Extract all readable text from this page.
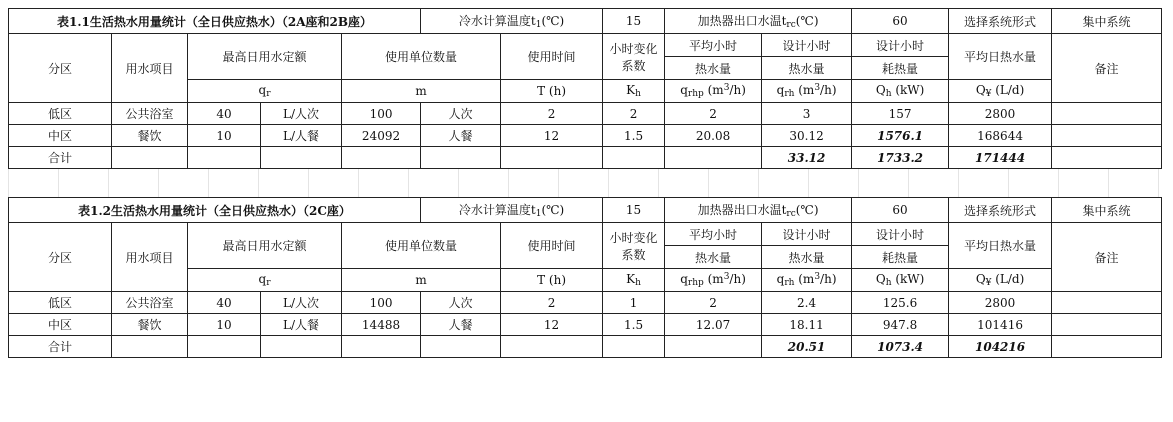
表1.1生活热水用量统计（全日供应热水）（2A座和2B座）					冷水计算温度$t_1(℃)$		15	加热器出口水温$t_{rc}(℃)$		60	选择系统形式	集中系统
分区	用水项目	最高日用水定额		使用单位数量		使用时间	小时变化
系数	平均小时	设计小时	设计小时	平均日热水量	备注
								热水量	热水量	耗热量		
		$q_r$		m		T (h)	$K_h$	$q_{rhp}$ $(m^3/h)$	$q_{rh}$ $(m^3/h)$	$Q_h$ (kW)	$Q_¥$ (L/d)	
低区	公共浴室	40	L/人次	100	人次	2	2	2	3	157	2800	
中区	餐饮	10	L/人餐	24092	人餐	12	1.5	20.08	30.12	1576.1	168644	
合计									33.12	1733.2	171444	
表1.2生活热水用量统计（全日供应热水）（2C座）					冷水计算温度$t_1(℃)$		15	加热器出口水温$t_{rc}(℃)$		60	选择系统形式	集中系统
分区	用水项目	最高日用水定额		使用单位数量		使用时间	小时变化
系数	平均小时	设计小时	设计小时	平均日热水量	备注
								热水量	热水量	耗热量		
		$q_r$		m		T (h)	$K_h$	$q_{rhp}$ $(m^3/h)$	$q_{rh}$ $(m^3/h)$	$Q_h$ (kW)	$Q_¥$ (L/d)	
低区	公共浴室	40	L/人次	100	人次	2	1	2	2.4	125.6	2800	
中区	餐饮	10	L/人餐	14488	人餐	12	1.5	12.07	18.11	947.8	101416	
合计									20.51	1073.4	104216	
